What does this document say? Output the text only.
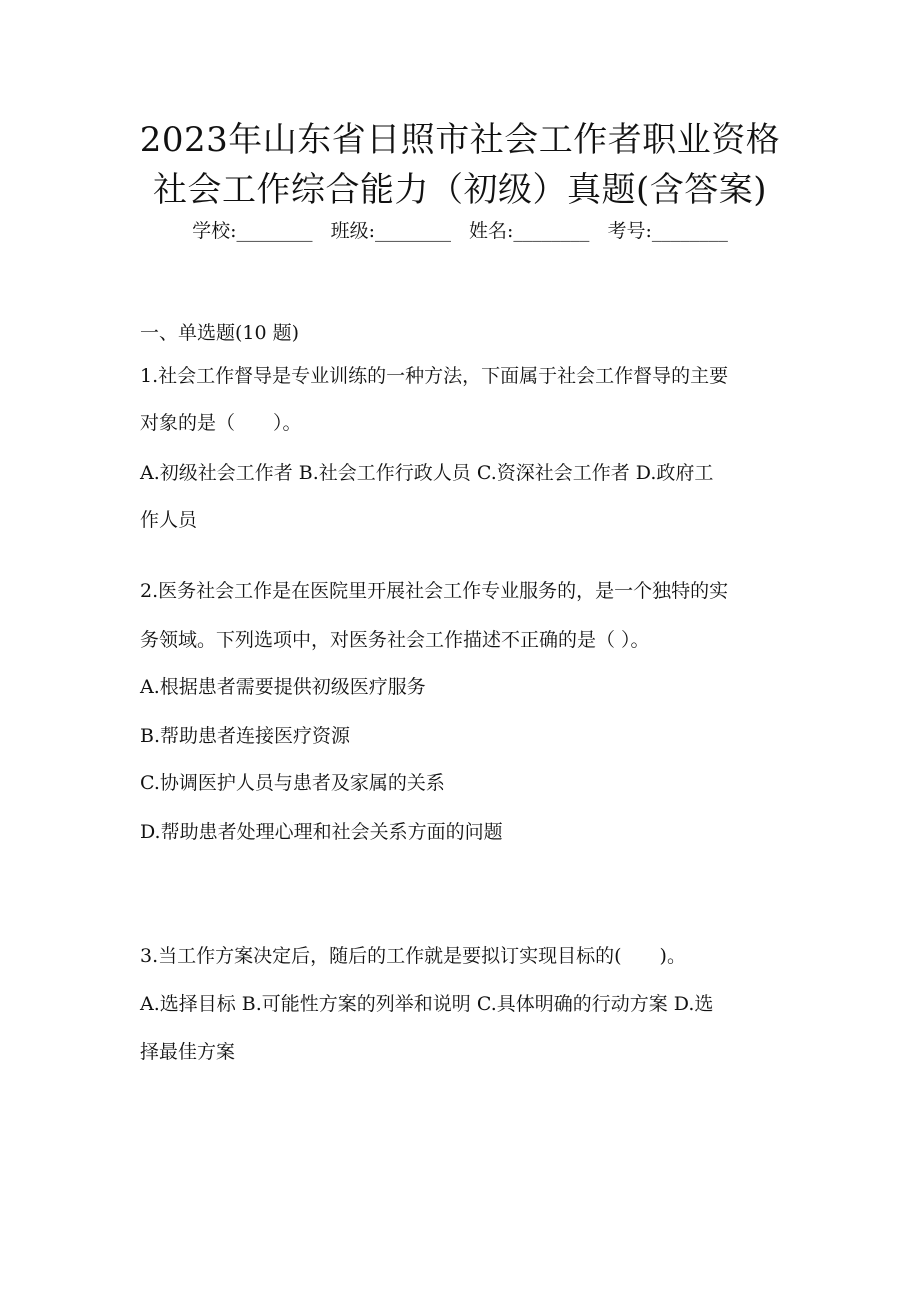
2023年山东省日照市社会工作者职业资格
社会工作综合能力（初级）真题(含答案)
学校:________ 班级:________ 姓名:________ 考号:________
一、单选题(10 题)
1.社会工作督导是专业训练的一种方法，下面属于社会工作督导的主要
对象的是（　　）。
A.初级社会工作者 B.社会工作行政人员 C.资深社会工作者 D.政府工
作人员
2.医务社会工作是在医院里开展社会工作专业服务的，是一个独特的实
务领域。下列选项中，对医务社会工作描述不正确的是（ ）。
A.根据患者需要提供初级医疗服务
B.帮助患者连接医疗资源
C.协调医护人员与患者及家属的关系
D.帮助患者处理心理和社会关系方面的问题
3.当工作方案决定后，随后的工作就是要拟订实现目标的(　　)。
A.选择目标 B.可能性方案的列举和说明 C.具体明确的行动方案 D.选
择最佳方案
